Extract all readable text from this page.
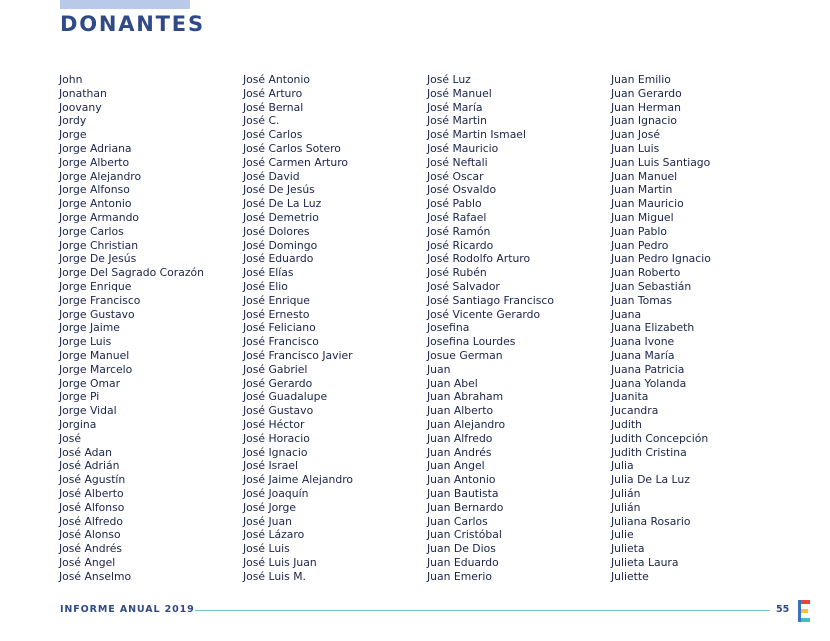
DONANTES
John
Jonathan
Joovany
Jordy
Jorge
Jorge Adriana
Jorge Alberto
Jorge Alejandro
Jorge Alfonso
Jorge Antonio
Jorge Armando
Jorge Carlos
Jorge Christian
Jorge De Jesús
Jorge Del Sagrado Corazón
Jorge Enrique
Jorge Francisco
Jorge Gustavo
Jorge Jaime
Jorge Luis
Jorge Manuel
Jorge Marcelo
Jorge Omar
Jorge Pi
Jorge Vidal
Jorgina
José
José Adan
José Adrián
José Agustín
José Alberto
José Alfonso
José Alfredo
José Alonso
José Andrés
José Angel
José Anselmo
José Antonio
José Arturo
José Bernal
José C.
José Carlos
José Carlos Sotero
José Carmen Arturo
José David
José De Jesús
José De La Luz
José Demetrio
José Dolores
José Domingo
José Eduardo
José Elías
José Elio
José Enrique
José Ernesto
José Feliciano
José Francisco
José Francisco Javier
José Gabriel
José Gerardo
José Guadalupe
José Gustavo
José Héctor
José Horacio
José Ignacio
José Israel
José Jaime Alejandro
José Joaquín
José Jorge
José Juan
José Lázaro
José Luis
José Luis Juan
José Luis M.
José Luz
José Manuel
José María
José Martin
José Martin Ismael
José Mauricio
José Neftali
José Oscar
José Osvaldo
José Pablo
José Rafael
José Ramón
José Ricardo
José Rodolfo Arturo
José Rubén
José Salvador
José Santiago Francisco
José Vicente Gerardo
Josefina
Josefina Lourdes
Josue German
Juan
Juan Abel
Juan Abraham
Juan Alberto
Juan Alejandro
Juan Alfredo
Juan Andrés
Juan Angel
Juan Antonio
Juan Bautista
Juan Bernardo
Juan Carlos
Juan Cristóbal
Juan De Dios
Juan Eduardo
Juan Emerio
Juan Emilio
Juan Gerardo
Juan Herman
Juan Ignacio
Juan José
Juan Luis
Juan Luis Santiago
Juan Manuel
Juan Martin
Juan Mauricio
Juan Miguel
Juan Pablo
Juan Pedro
Juan Pedro Ignacio
Juan Roberto
Juan Sebastián
Juan Tomas
Juana
Juana Elizabeth
Juana Ivone
Juana María
Juana Patricia
Juana Yolanda
Juanita
Jucandra
Judith
Judith Concepción
Judith Cristina
Julia
Julia De La Luz
Julián
Julián
Juliana Rosario
Julie
Julieta
Julieta Laura
Juliette
INFORME ANUAL 2019	55
